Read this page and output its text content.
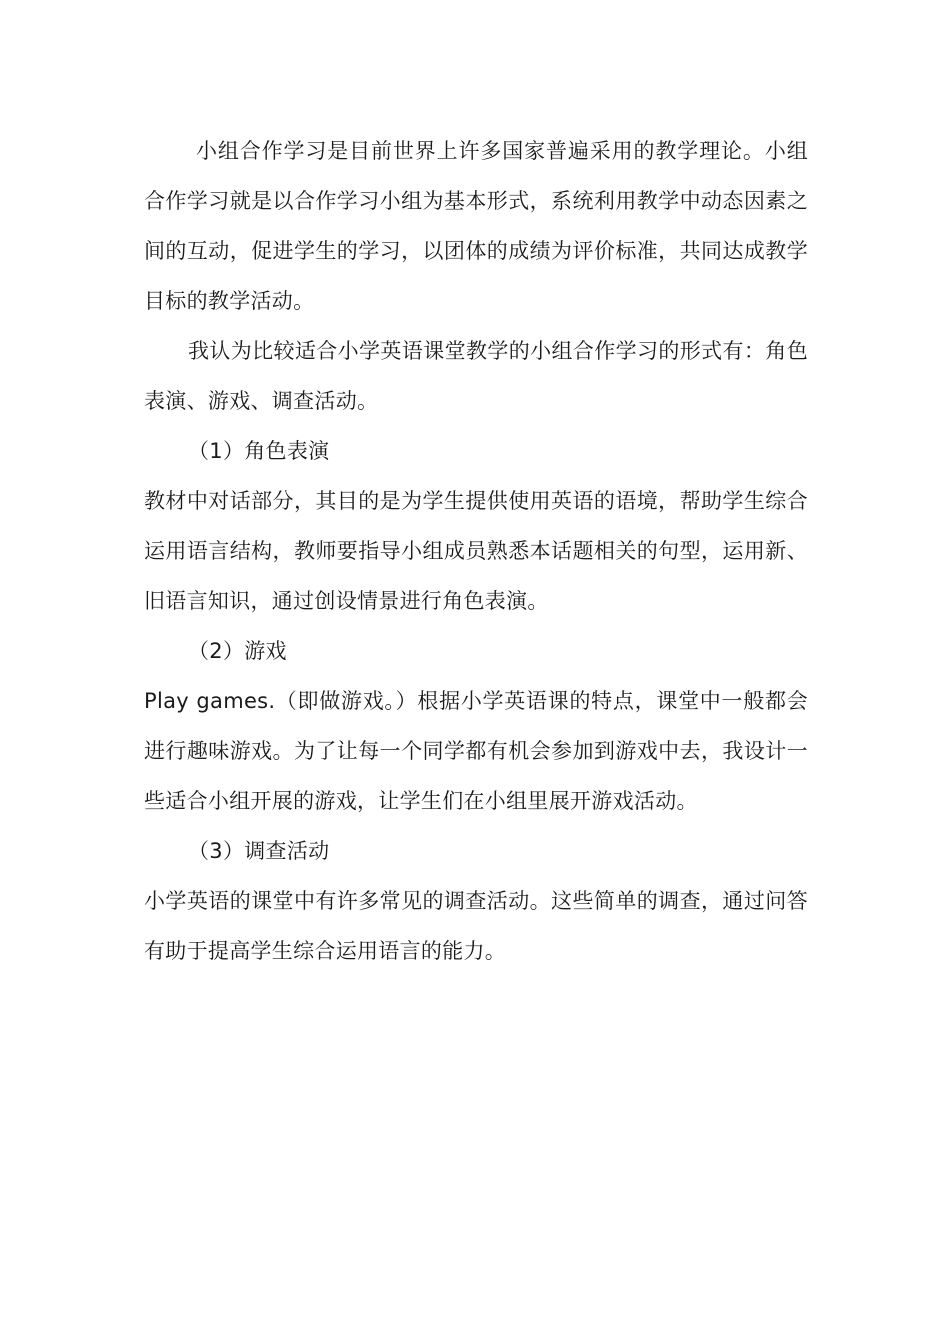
小组合作学习是目前世界上许多国家普遍采用的教学理论。小组合作学习就是以合作学习小组为基本形式，系统利用教学中动态因素之间的互动，促进学生的学习，以团体的成绩为评价标准，共同达成教学目标的教学活动。

我认为比较适合小学英语课堂教学的小组合作学习的形式有：角色表演、游戏、调查活动。

（1）角色表演

教材中对话部分，其目的是为学生提供使用英语的语境，帮助学生综合运用语言结构，教师要指导小组成员熟悉本话题相关的句型，运用新、旧语言知识，通过创设情景进行角色表演。

（2）游戏

Play games.（即做游戏。）根据小学英语课的特点，课堂中一般都会进行趣味游戏。为了让每一个同学都有机会参加到游戏中去，我设计一些适合小组开展的游戏，让学生们在小组里展开游戏活动。

（3）调查活动

小学英语的课堂中有许多常见的调查活动。这些简单的调查，通过问答有助于提高学生综合运用语言的能力。
